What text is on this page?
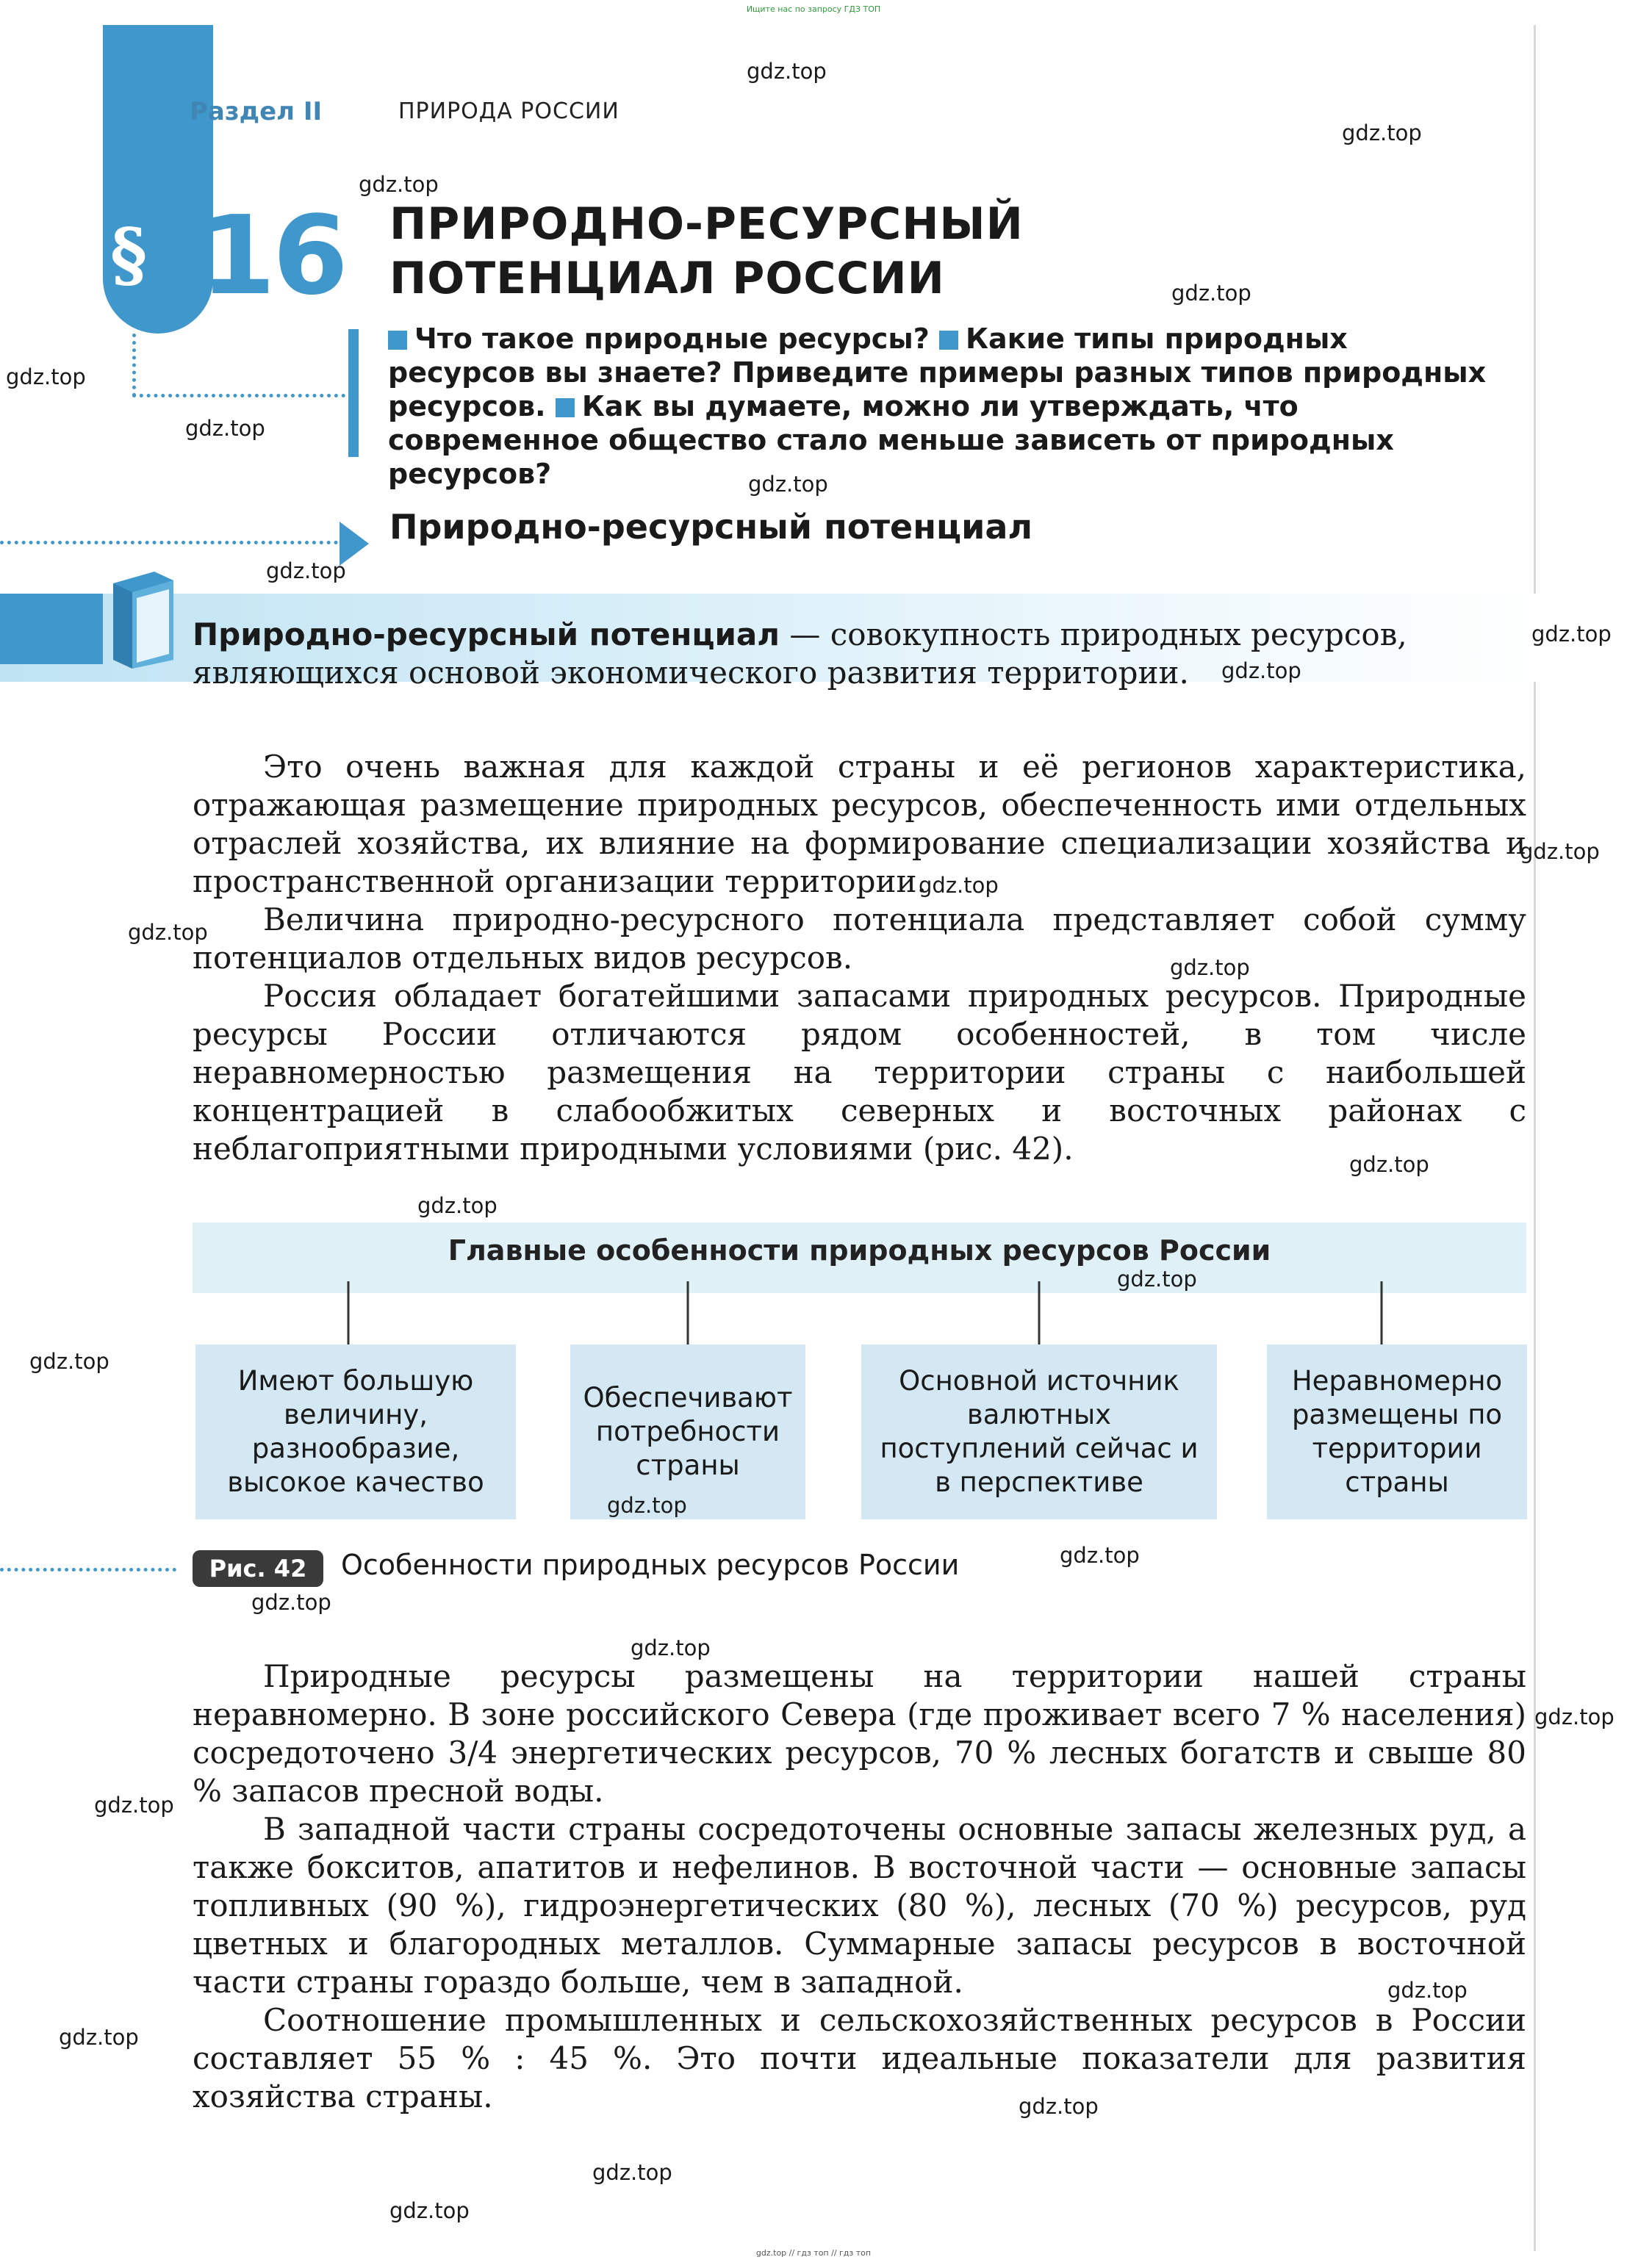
Ищите нас по запросу ГДЗ ТОП
§
Раздел II	ПРИРОДА РОССИИ
16 ПРИРОДНО-РЕСУРСНЫЙ
ПОТЕНЦИАЛ РОССИИ
Что такое природные ресурсы? Какие типы природных ресурсов вы знаете? Приведите примеры разных типов природных ресурсов. Как вы думаете, можно ли утверждать, что современное общество стало меньше зависеть от природных ресурсов?
Природно-ресурсный потенциал
Природно-ресурсный потенциал — совокупность природных ресурсов, являющихся основой экономического развития территории.

Это очень важная для каждой страны и её регионов характеристика, отражающая размещение природных ресурсов, обеспеченность ими отдельных отраслей хозяйства, их влияние на формирование специализации хозяйства и пространственной организации территории.

Величина природно-ресурсного потенциала представляет собой сумму потенциалов отдельных видов ресурсов.

Россия обладает богатейшими запасами природных ресурсов. Природные ресурсы России отличаются рядом особенностей, в том числе неравномерностью размещения на территории страны с наибольшей концентрацией в слабообжитых северных и восточных районах с неблагоприятными природными условиями (рис. 42).

Главные особенности природных ресурсов России
Имеют большую величину, разнообразие, высокое качество
Обеспечивают потребности страны
Основной источник валютных поступлений сейчас и в перспективе
Неравномерно размещены по территории страны
Рис. 42	Особенности природных ресурсов России

Природные ресурсы размещены на территории нашей страны неравномерно. В зоне российского Севера (где проживает всего 7 % населения) сосредоточено 3/4 энергетических ресурсов, 70 % лесных богатств и свыше 80 % запасов пресной воды.

В западной части страны сосредоточены основные запасы железных руд, а также бокситов, апатитов и нефелинов. В восточной части — основные запасы топливных (90 %), гидроэнергетических (80 %), лесных (70 %) ресурсов, руд цветных и благородных металлов. Суммарные запасы ресурсов в восточной части страны гораздо больше, чем в западной.

Соотношение промышленных и сельскохозяйственных ресурсов в России составляет 55 % : 45 %. Это почти идеальные показатели для развития хозяйства страны.

gdz.top
gdz.top
gdz.top
gdz.top
gdz.top
gdz.top
gdz.top
gdz.top
gdz.top
gdz.top
gdz.top
gdz.top
gdz.top
gdz.top
gdz.top
gdz.top
gdz.top
gdz.top
gdz.top
gdz.top
gdz.top
gdz.top
gdz.top
gdz.top
gdz.top
gdz.top
gdz.top
gdz.top
gdz.top
gdz.top // гдз топ // гдз топ
